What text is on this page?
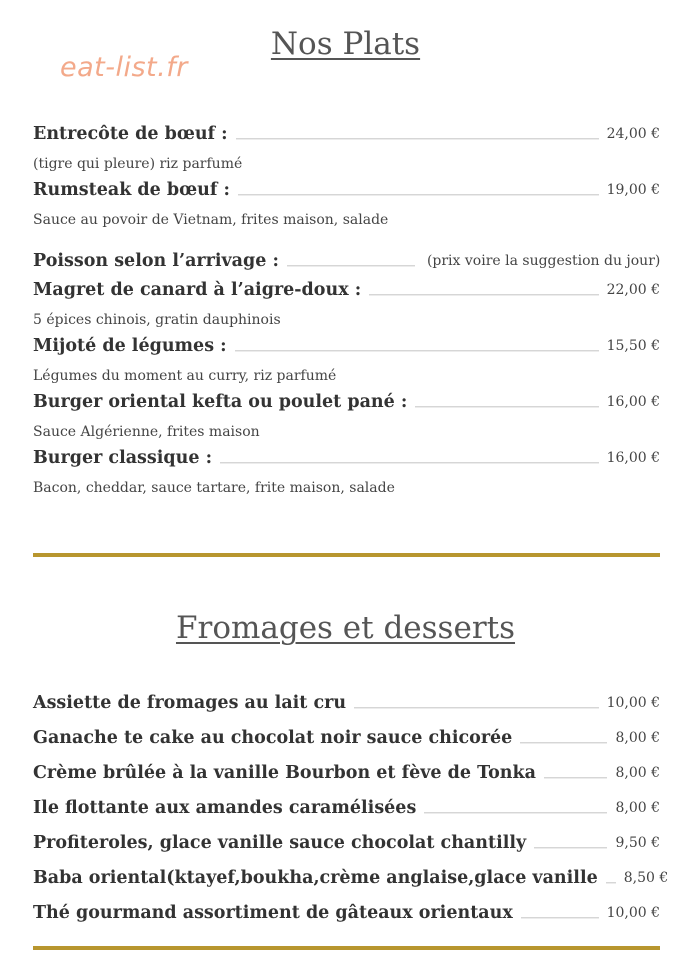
eat-list.fr
Nos Plats
Entrecôte de bœuf :	24,00 €
(tigre qui pleure) riz parfumé
Rumsteak de bœuf :	19,00 €
Sauce au povoir de Vietnam, frites maison, salade
Poisson selon l’arrivage :	(prix voire la suggestion du jour)
Magret de canard à l’aigre-doux :	22,00 €
5 épices chinois, gratin dauphinois
Mijoté de légumes :	15,50 €
Légumes du moment au curry, riz parfumé
Burger oriental kefta ou poulet pané :	16,00 €
Sauce Algérienne, frites maison
Burger classique :	16,00 €
Bacon, cheddar, sauce tartare, frite maison, salade
Fromages et desserts
Assiette de fromages au lait cru	10,00 €
Ganache te cake au chocolat noir sauce chicorée	8,00 €
Crème brûlée à la vanille Bourbon et fève de Tonka	8,00 €
Ile flottante aux amandes caramélisées	8,00 €
Profiteroles, glace vanille sauce chocolat chantilly	9,50 €
Baba oriental(ktayef,boukha,crème anglaise,glace vanille 8,50 €
Thé gourmand assortiment de gâteaux orientaux	10,00 €
